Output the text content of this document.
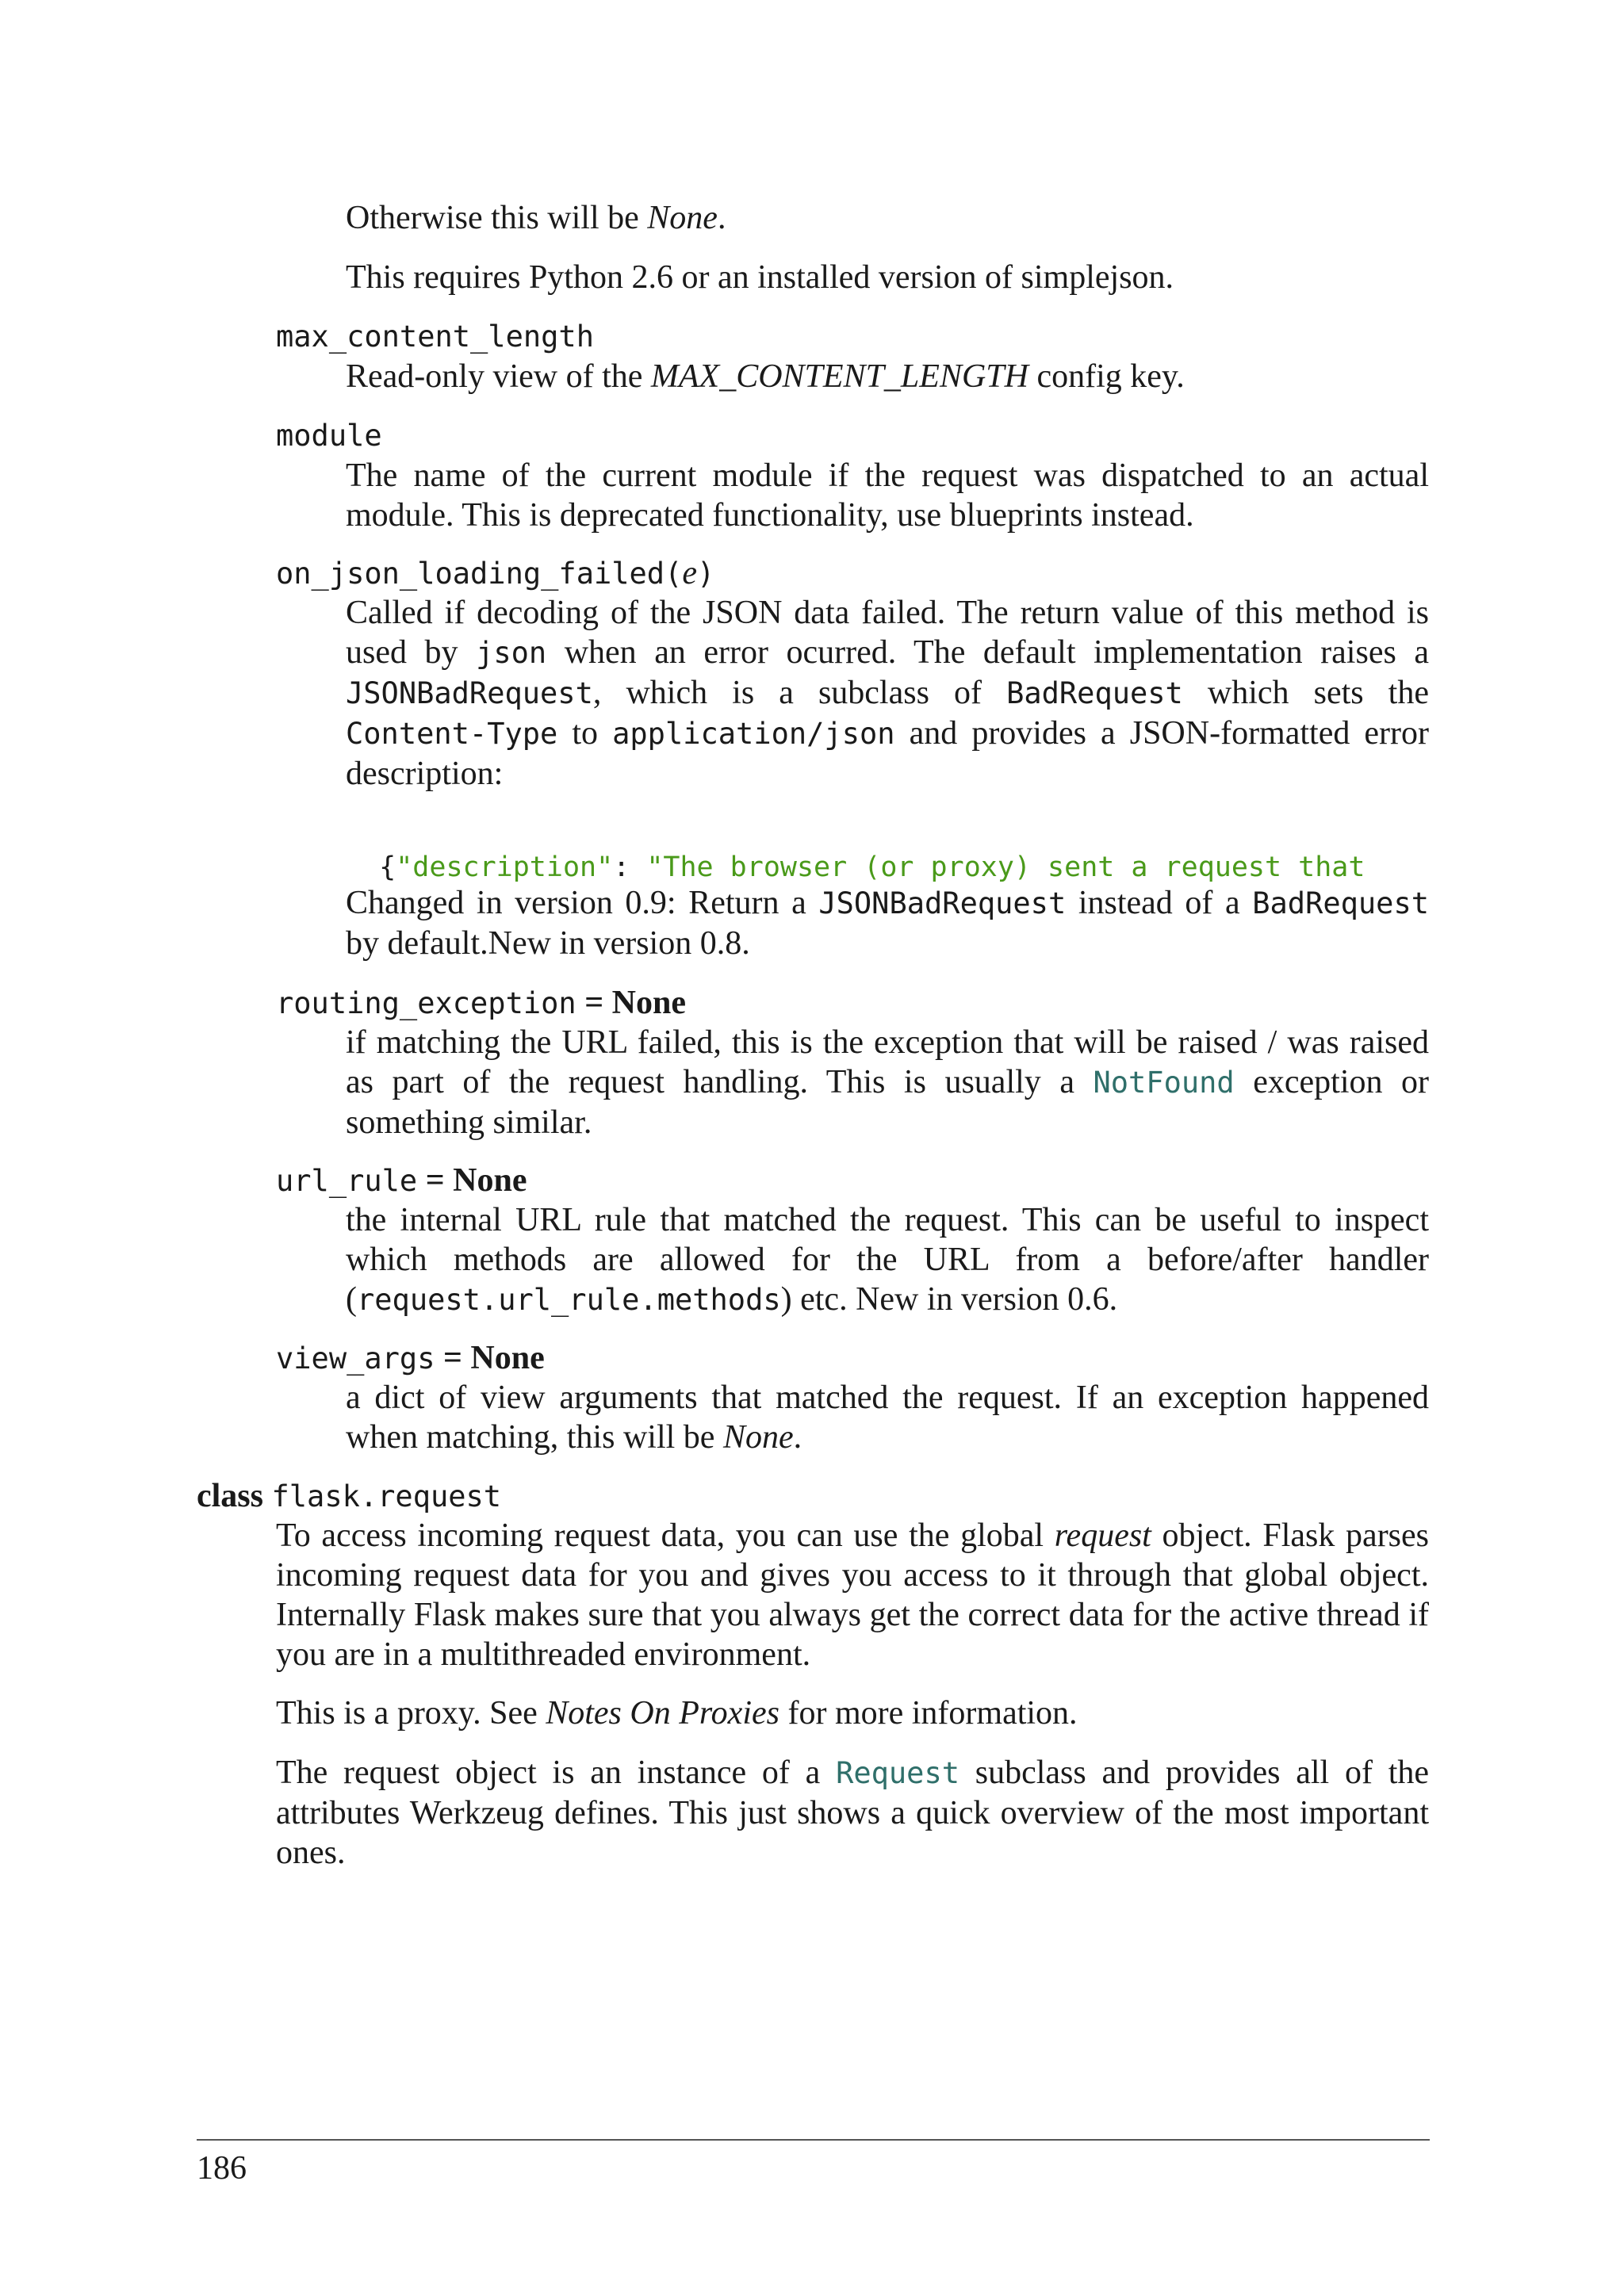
Otherwise this will be None.

This requires Python 2.6 or an installed version of simplejson.

max_content_length

Read-only view of the MAX_CONTENT_LENGTH config key.

module

The name of the current module if the request was dispatched to an actual module. This is deprecated functionality, use blueprints instead.

on_json_loading_failed(e)

Called if decoding of the JSON data failed. The return value of this method is used by json when an error ocurred. The default implementation raises a JSONBadRequest, which is a subclass of BadRequest which sets the Content-Type to application/json and provides a JSON-formatted error description:

{"description": "The browser (or proxy) sent a request that

Changed in version 0.9: Return a JSONBadRequest instead of a BadRequest by default.New in version 0.8.

routing_exception = None

if matching the URL failed, this is the exception that will be raised / was raised as part of the request handling. This is usually a NotFound exception or something similar.

url_rule = None

the internal URL rule that matched the request. This can be useful to inspect which methods are allowed for the URL from a before/after handler (request.url_rule.methods) etc. New in version 0.6.

view_args = None

a dict of view arguments that matched the request. If an exception happened when matching, this will be None.

class flask.request

To access incoming request data, you can use the global request object. Flask parses incoming request data for you and gives you access to it through that global object. Internally Flask makes sure that you always get the correct data for the active thread if you are in a multithreaded environment.

This is a proxy. See Notes On Proxies for more information.

The request object is an instance of a Request subclass and provides all of the attributes Werkzeug defines. This just shows a quick overview of the most important ones.

186
